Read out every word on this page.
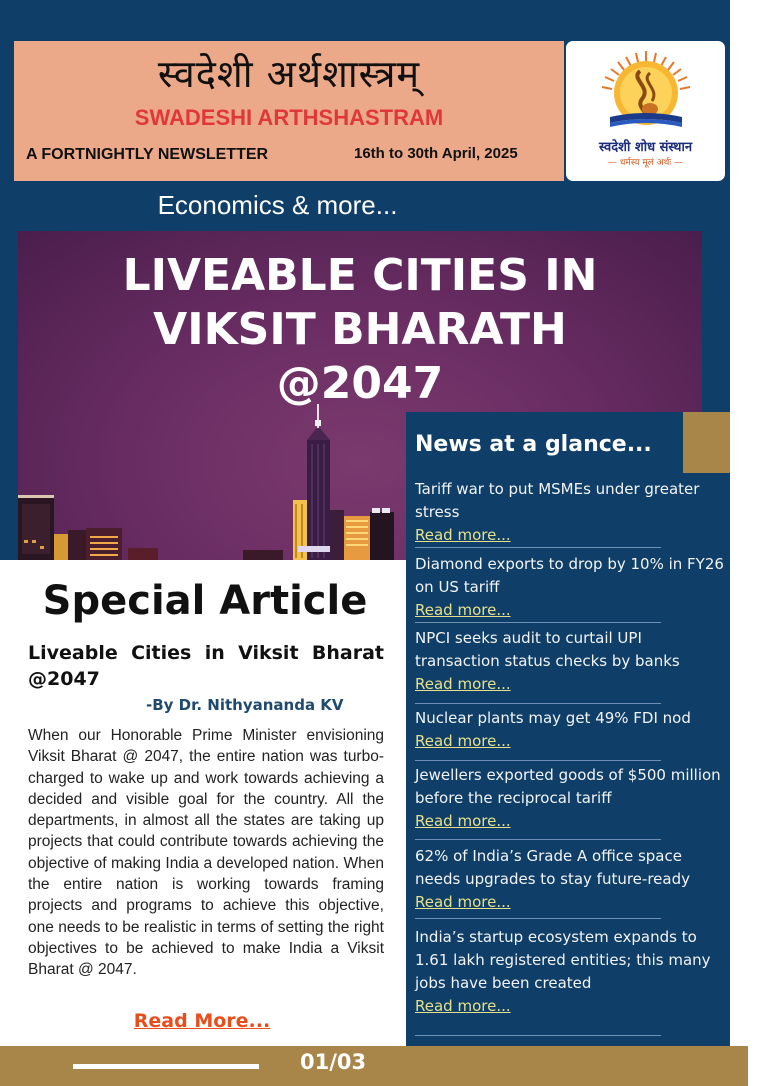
स्वदेशी अर्थशास्त्रम्
SWADESHI ARTHSHASTRAM
A FORTNIGHTLY NEWSLETTER	16th to 30th April, 2025	स्वदेशी शोध संस्थान
— धर्मस्य मूलं अर्थः —
Economics & more...
LIVEABLE CITIES IN
VIKSIT BHARATH
@2047
Special Article
Liveable Cities in Viksit Bharat @2047
-By Dr. Nithyananda KV
When our Honorable Prime Minister envisioning Viksit Bharat @ 2047, the entire nation was turbo-charged to wake up and work towards achieving a decided and visible goal for the country. All the departments, in almost all the states are taking up projects that could contribute towards achieving the objective of making India a developed nation. When the entire nation is working towards framing projects and programs to achieve this objective, one needs to be realistic in terms of setting the right objectives to be achieved to make India a Viksit Bharat @ 2047.
Read More...
News at a glance...
Tariff war to put MSMEs under greater stress
Read more...
Diamond exports to drop by 10% in FY26 on US tariff
Read more...
NPCI seeks audit to curtail UPI transaction status checks by banks
Read more...
Nuclear plants may get 49% FDI nod
Read more...
Jewellers exported goods of $500 million before the reciprocal tariff
Read more...
62% of India’s Grade A office space needs upgrades to stay future-ready
Read more...
India’s startup ecosystem expands to 1.61 lakh registered entities; this many jobs have been created
Read more...
01/03
